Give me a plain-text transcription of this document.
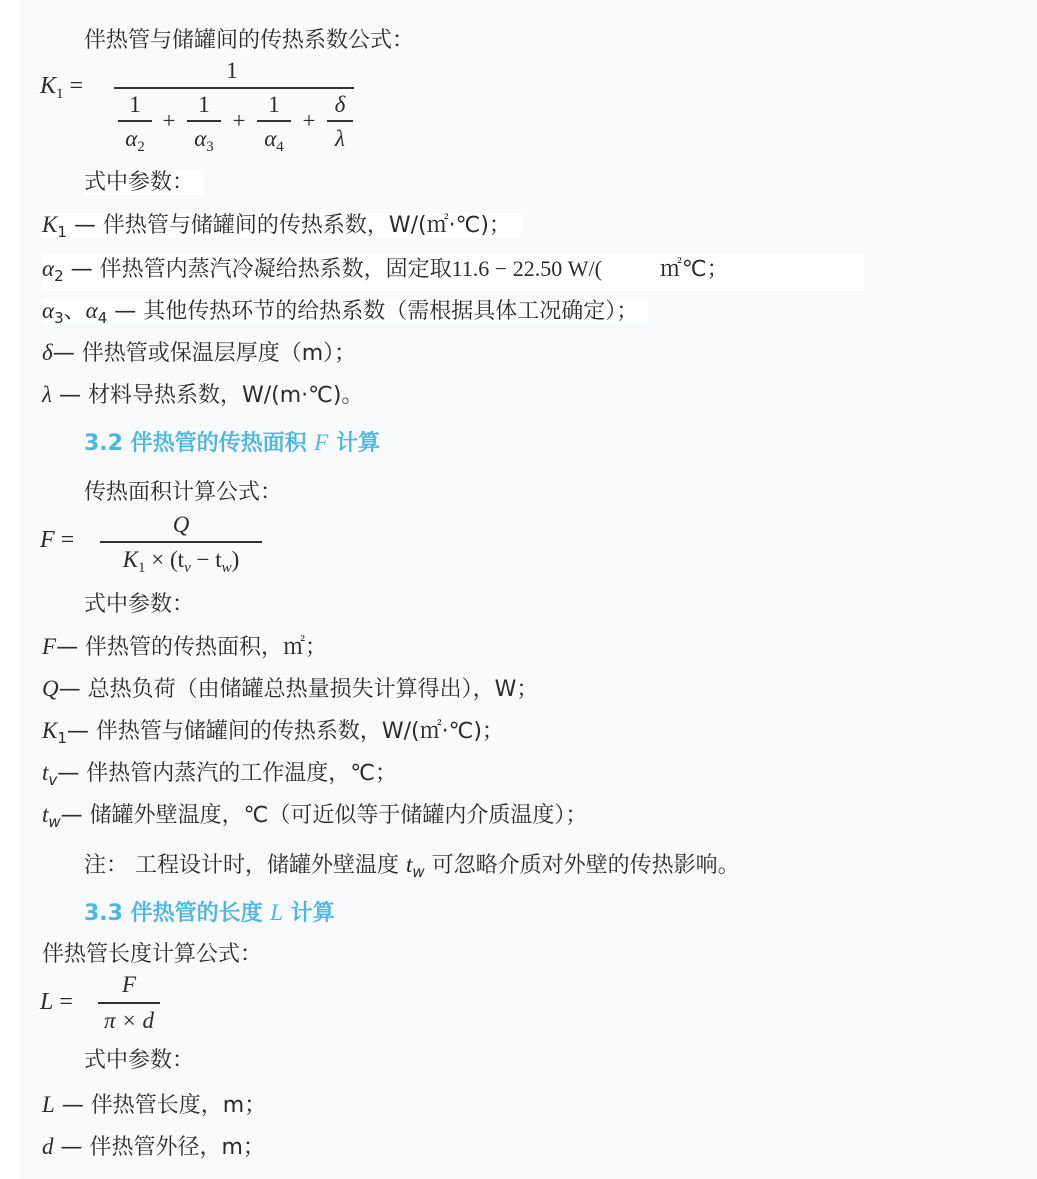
伴热管与储罐间的传热系数公式：
$K_1$ =
1
1
$\alpha_2$
+
1
$\alpha_3$
+
1
$\alpha_4$
+
δ
λ
式中参数：
$K_1$ — 伴热管与储罐间的传热系数，W/(㎡·℃)；
$\alpha_2$ — 伴热管内蒸汽冷凝给热系数，固定取11.6 − 22.50 W/(	㎡℃；
$\alpha_3$、$\alpha_4$ — 其他传热环节的给热系数（需根据具体工况确定）；
δ— 伴热管或保温层厚度（m）；
λ — 材料导热系数，W/(m·℃)。
3.2 伴热管的传热面积 F 计算
传热面积计算公式：
F =
Q
$K_1 \times (t_v - t_w)$
式中参数：
F— 伴热管的传热面积，㎡；
Q— 总热负荷（由储罐总热量损失计算得出），W；
$K_1—$ 伴热管与储罐间的传热系数，W/(㎡·℃)；
$t_v—$ 伴热管内蒸汽的工作温度，℃；
$t_w—$ 储罐外壁温度，℃（可近似等于储罐内介质温度）；
注： 工程设计时，储罐外壁温度 $t_w$ 可忽略介质对外壁的传热影响。
3.3 伴热管的长度 L 计算
伴热管长度计算公式：
L =
F
π × d
式中参数：
L — 伴热管长度，m；
d — 伴热管外径，m；
